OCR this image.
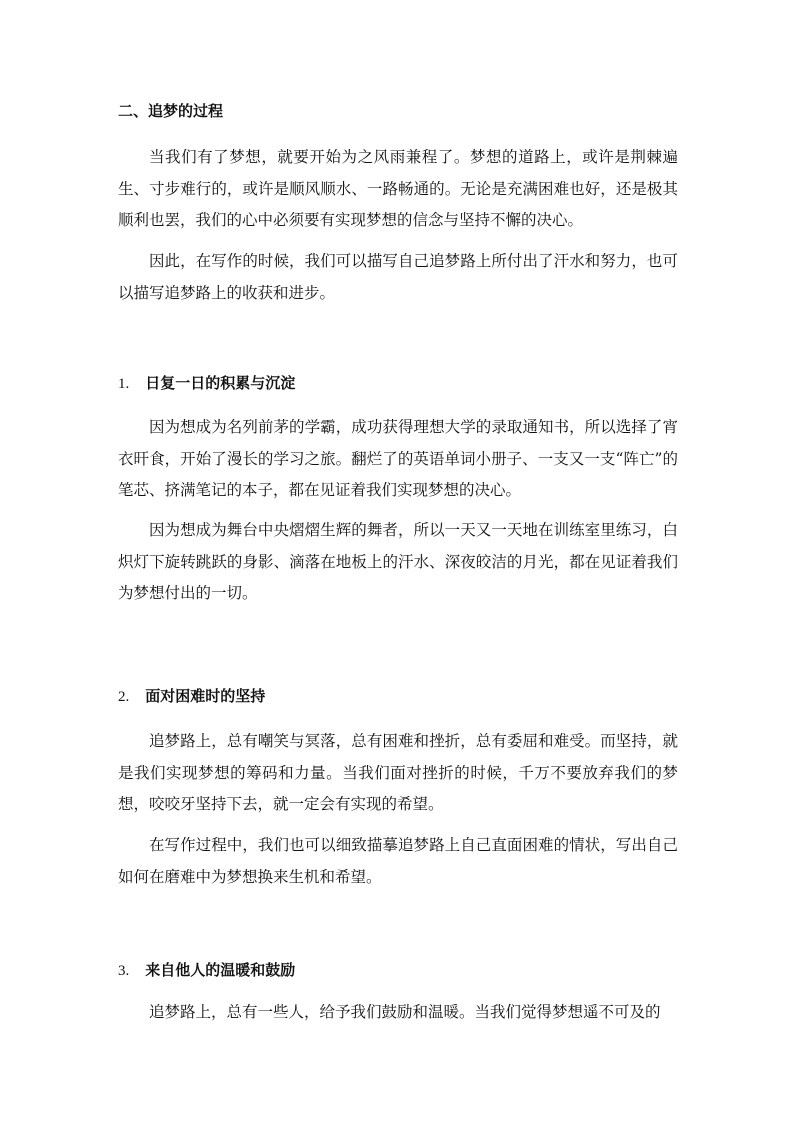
二、追梦的过程

当我们有了梦想，就要开始为之风雨兼程了。梦想的道路上，或许是荆棘遍生、寸步难行的，或许是顺风顺水、一路畅通的。无论是充满困难也好，还是极其顺利也罢，我们的心中必须要有实现梦想的信念与坚持不懈的决心。

因此，在写作的时候，我们可以描写自己追梦路上所付出了汗水和努力，也可以描写追梦路上的收获和进步。

1. 日复一日的积累与沉淀

因为想成为名列前茅的学霸，成功获得理想大学的录取通知书，所以选择了宵衣旰食，开始了漫长的学习之旅。翻烂了的英语单词小册子、一支又一支“阵亡”的笔芯、挤满笔记的本子，都在见证着我们实现梦想的决心。

因为想成为舞台中央熠熠生辉的舞者，所以一天又一天地在训练室里练习，白炽灯下旋转跳跃的身影、滴落在地板上的汗水、深夜皎洁的月光，都在见证着我们为梦想付出的一切。

2. 面对困难时的坚持

追梦路上，总有嘲笑与冥落，总有困难和挫折，总有委屈和难受。而坚持，就是我们实现梦想的筹码和力量。当我们面对挫折的时候，千万不要放弃我们的梦想，咬咬牙坚持下去，就一定会有实现的希望。

在写作过程中，我们也可以细致描摹追梦路上自己直面困难的情状，写出自己如何在磨难中为梦想换来生机和希望。

3. 来自他人的温暖和鼓励

追梦路上，总有一些人，给予我们鼓励和温暖。当我们觉得梦想遥不可及的
